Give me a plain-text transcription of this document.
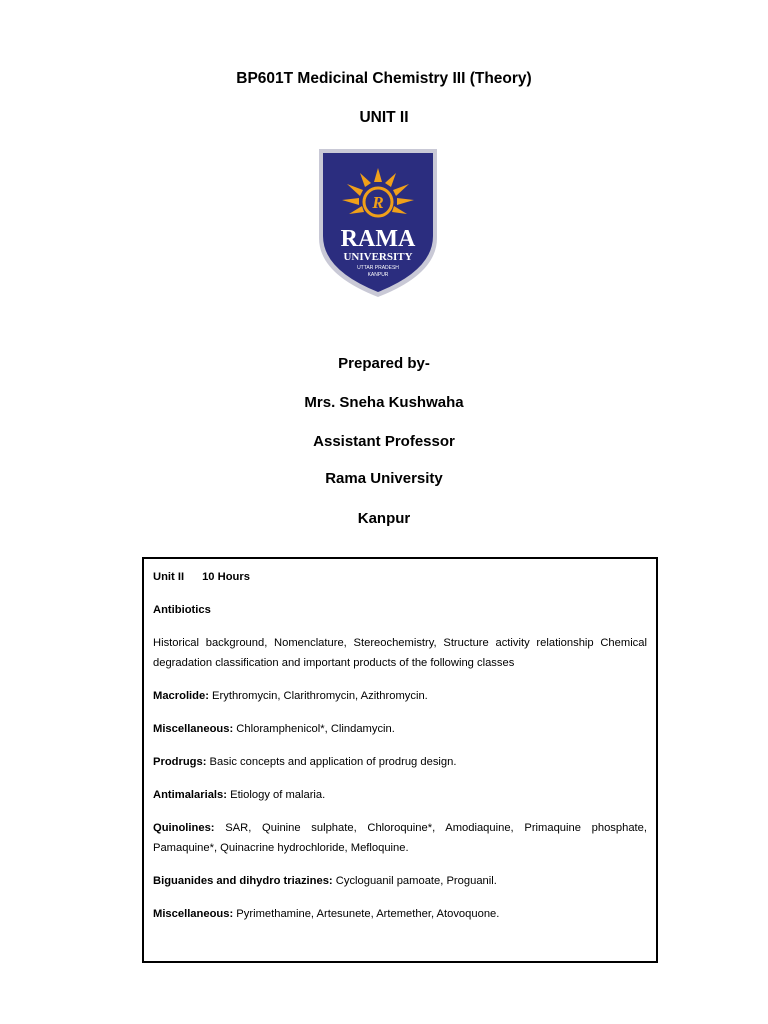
BP601T Medicinal Chemistry III (Theory)
UNIT II
R
RAMA
UNIVERSITY
UTTAR PRADESH
KANPUR
Prepared by-
Mrs. Sneha Kushwaha
Assistant Professor
Rama University
Kanpur
Unit II 10 Hours
Antibiotics
Historical background, Nomenclature, Stereochemistry, Structure activity relationship Chemical degradation classification and important products of the following classes
Macrolide: Erythromycin, Clarithromycin, Azithromycin.
Miscellaneous: Chloramphenicol*, Clindamycin.
Prodrugs: Basic concepts and application of prodrug design.
Antimalarials: Etiology of malaria.
Quinolines: SAR, Quinine sulphate, Chloroquine*, Amodiaquine, Primaquine phosphate, Pamaquine*, Quinacrine hydrochloride, Mefloquine.
Biguanides and dihydro triazines: Cycloguanil pamoate, Proguanil.
Miscellaneous: Pyrimethamine, Artesunete, Artemether, Atovoquone.
